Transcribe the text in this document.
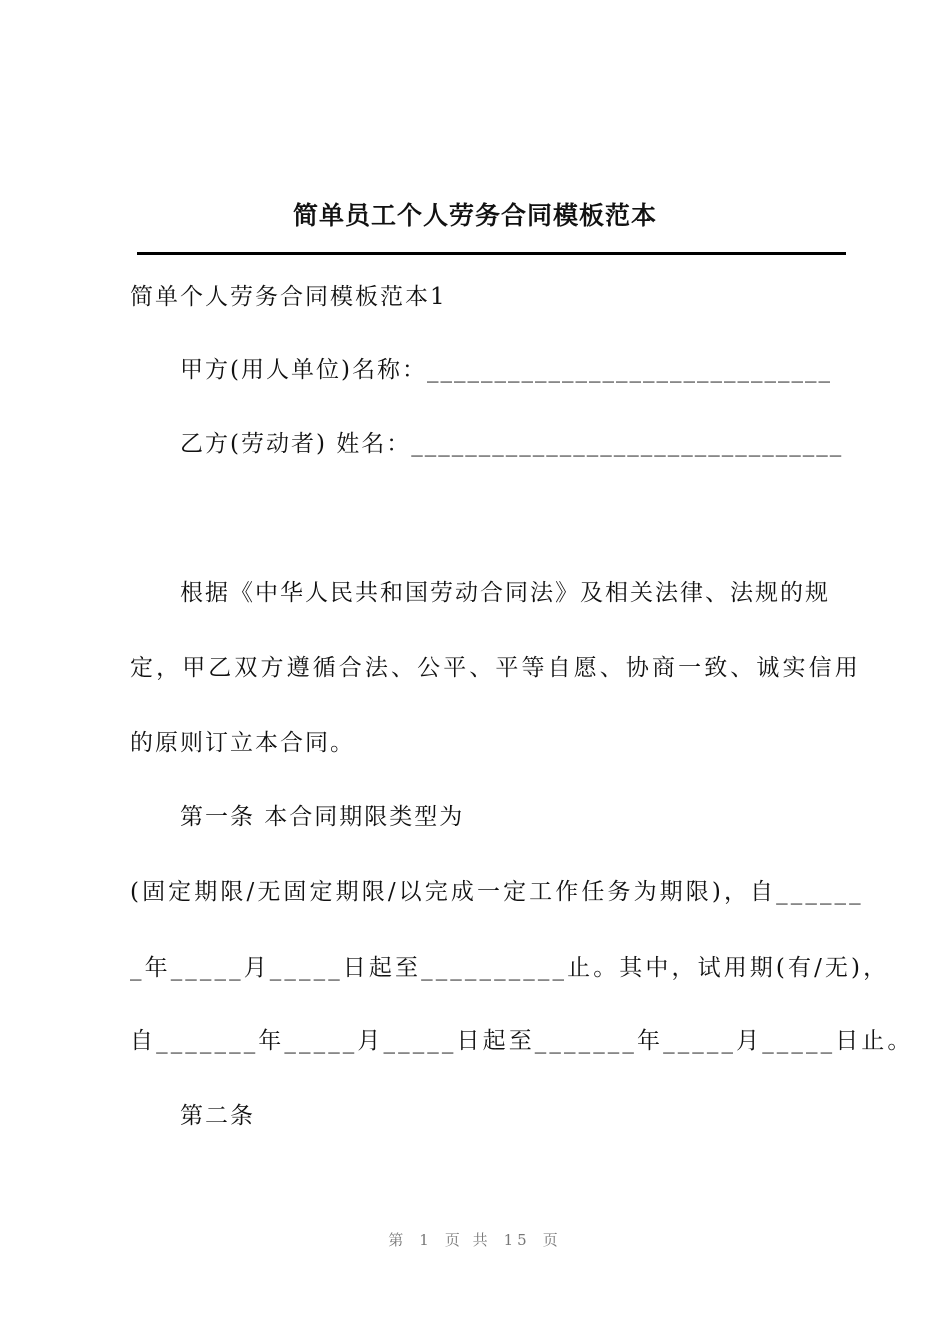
简单员工个人劳务合同模板范本
简单个人劳务合同模板范本1
甲方(用人单位)名称：______________________________
乙方(劳动者) 姓名：________________________________
根据《中华人民共和国劳动合同法》及相关法律、法规的规
定，甲乙双方遵循合法、公平、平等自愿、协商一致、诚实信用
的原则订立本合同。
第一条 本合同期限类型为
(固定期限/无固定期限/以完成一定工作任务为期限)，自______
_年_____月_____日起至__________止。其中，试用期(有/无)，
自_______年_____月_____日起至_______年_____月_____日止。
第二条
第 1 页 共 15 页
